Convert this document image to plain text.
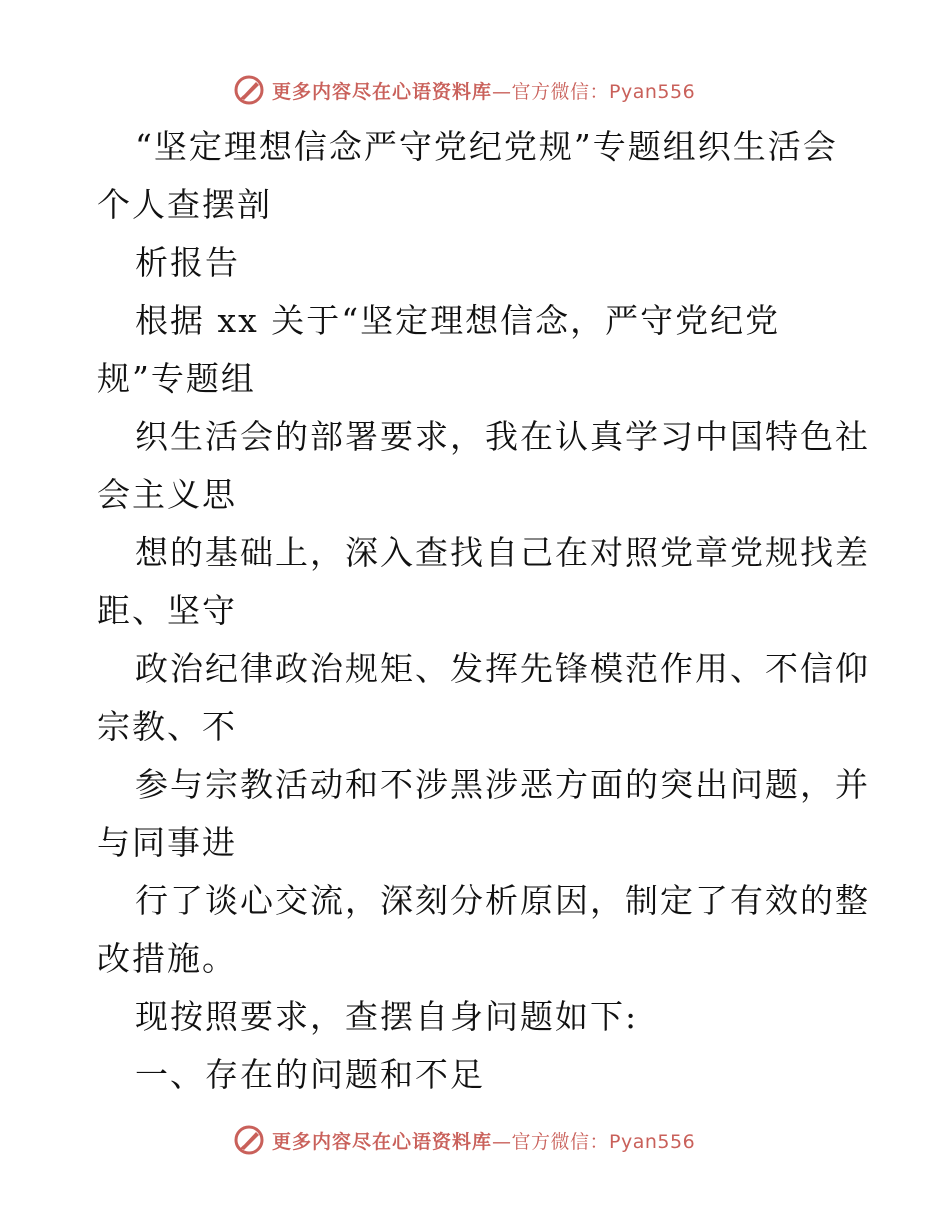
更多内容尽在心语资料库 —官方微信：Pyan556
“坚定理想信念严守党纪党规”专题组织生活会
个人查摆剖
析报告
根据 xx 关于“坚定理想信念，严守党纪党
规”专题组
织生活会的部署要求，我在认真学习中国特色社
会主义思
想的基础上，深入查找自己在对照党章党规找差
距、坚守
政治纪律政治规矩、发挥先锋模范作用、不信仰
宗教、不
参与宗教活动和不涉黑涉恶方面的突出问题，并
与同事进
行了谈心交流，深刻分析原因，制定了有效的整
改措施。
现按照要求，查摆自身问题如下:
一、存在的问题和不足
更多内容尽在心语资料库 —官方微信：Pyan556
